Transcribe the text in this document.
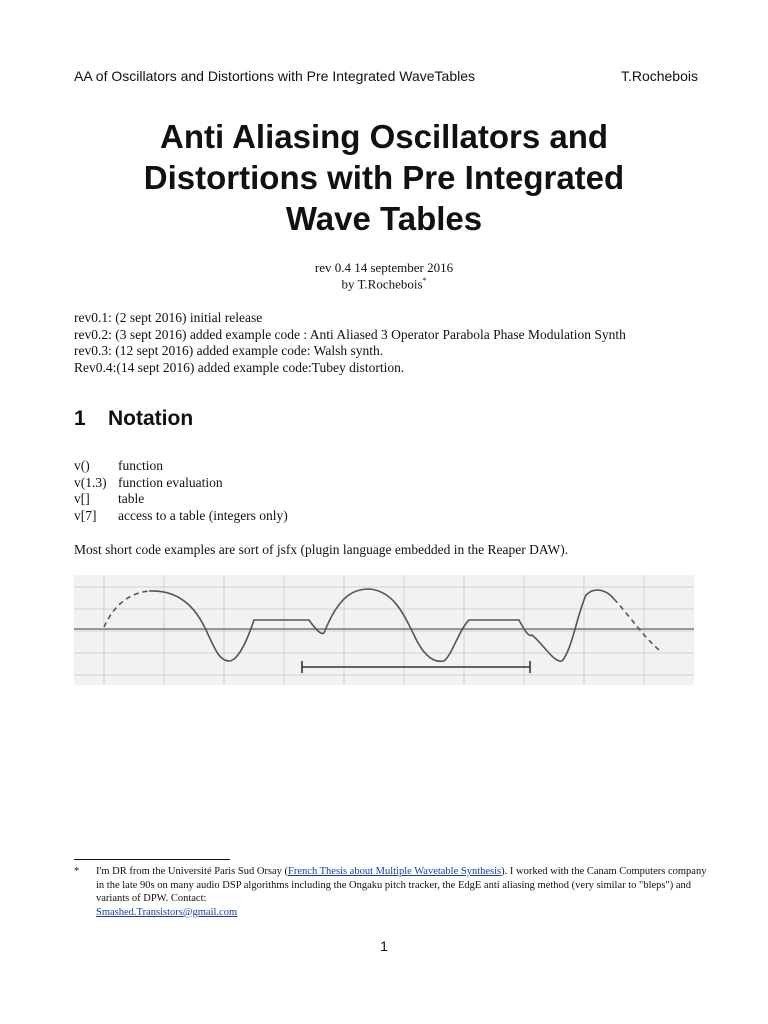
AA of Oscillators and Distortions with Pre Integrated WaveTables	T.Rochebois
Anti Aliasing Oscillators and
Distortions with Pre Integrated
Wave Tables
rev 0.4 14 september 2016
by T.Rochebois*
rev0.1: (2 sept 2016) initial release
rev0.2: (3 sept 2016) added example code : Anti Aliased 3 Operator Parabola Phase Modulation Synth
rev0.3: (12 sept 2016) added example code: Walsh synth.
Rev0.4:(14 sept 2016) added example code:Tubey distortion.
1 Notation
v()	function
v(1.3) function evaluation
v[]	table
v[7]	access to a table (integers only)
Most short code examples are sort of jsfx (plugin language embedded in the Reaper DAW).
*	I'm DR from the Université Paris Sud Orsay (French Thesis about Multiple Wavetable Synthesis). I worked with the Canam Computers company in the late 90s on many audio DSP algorithms including the Ongaku pitch tracker, the EdgE anti aliasing method (very similar to "bleps") and variants of DPW. Contact:
Smashed.Transistors@gmail.com
1
